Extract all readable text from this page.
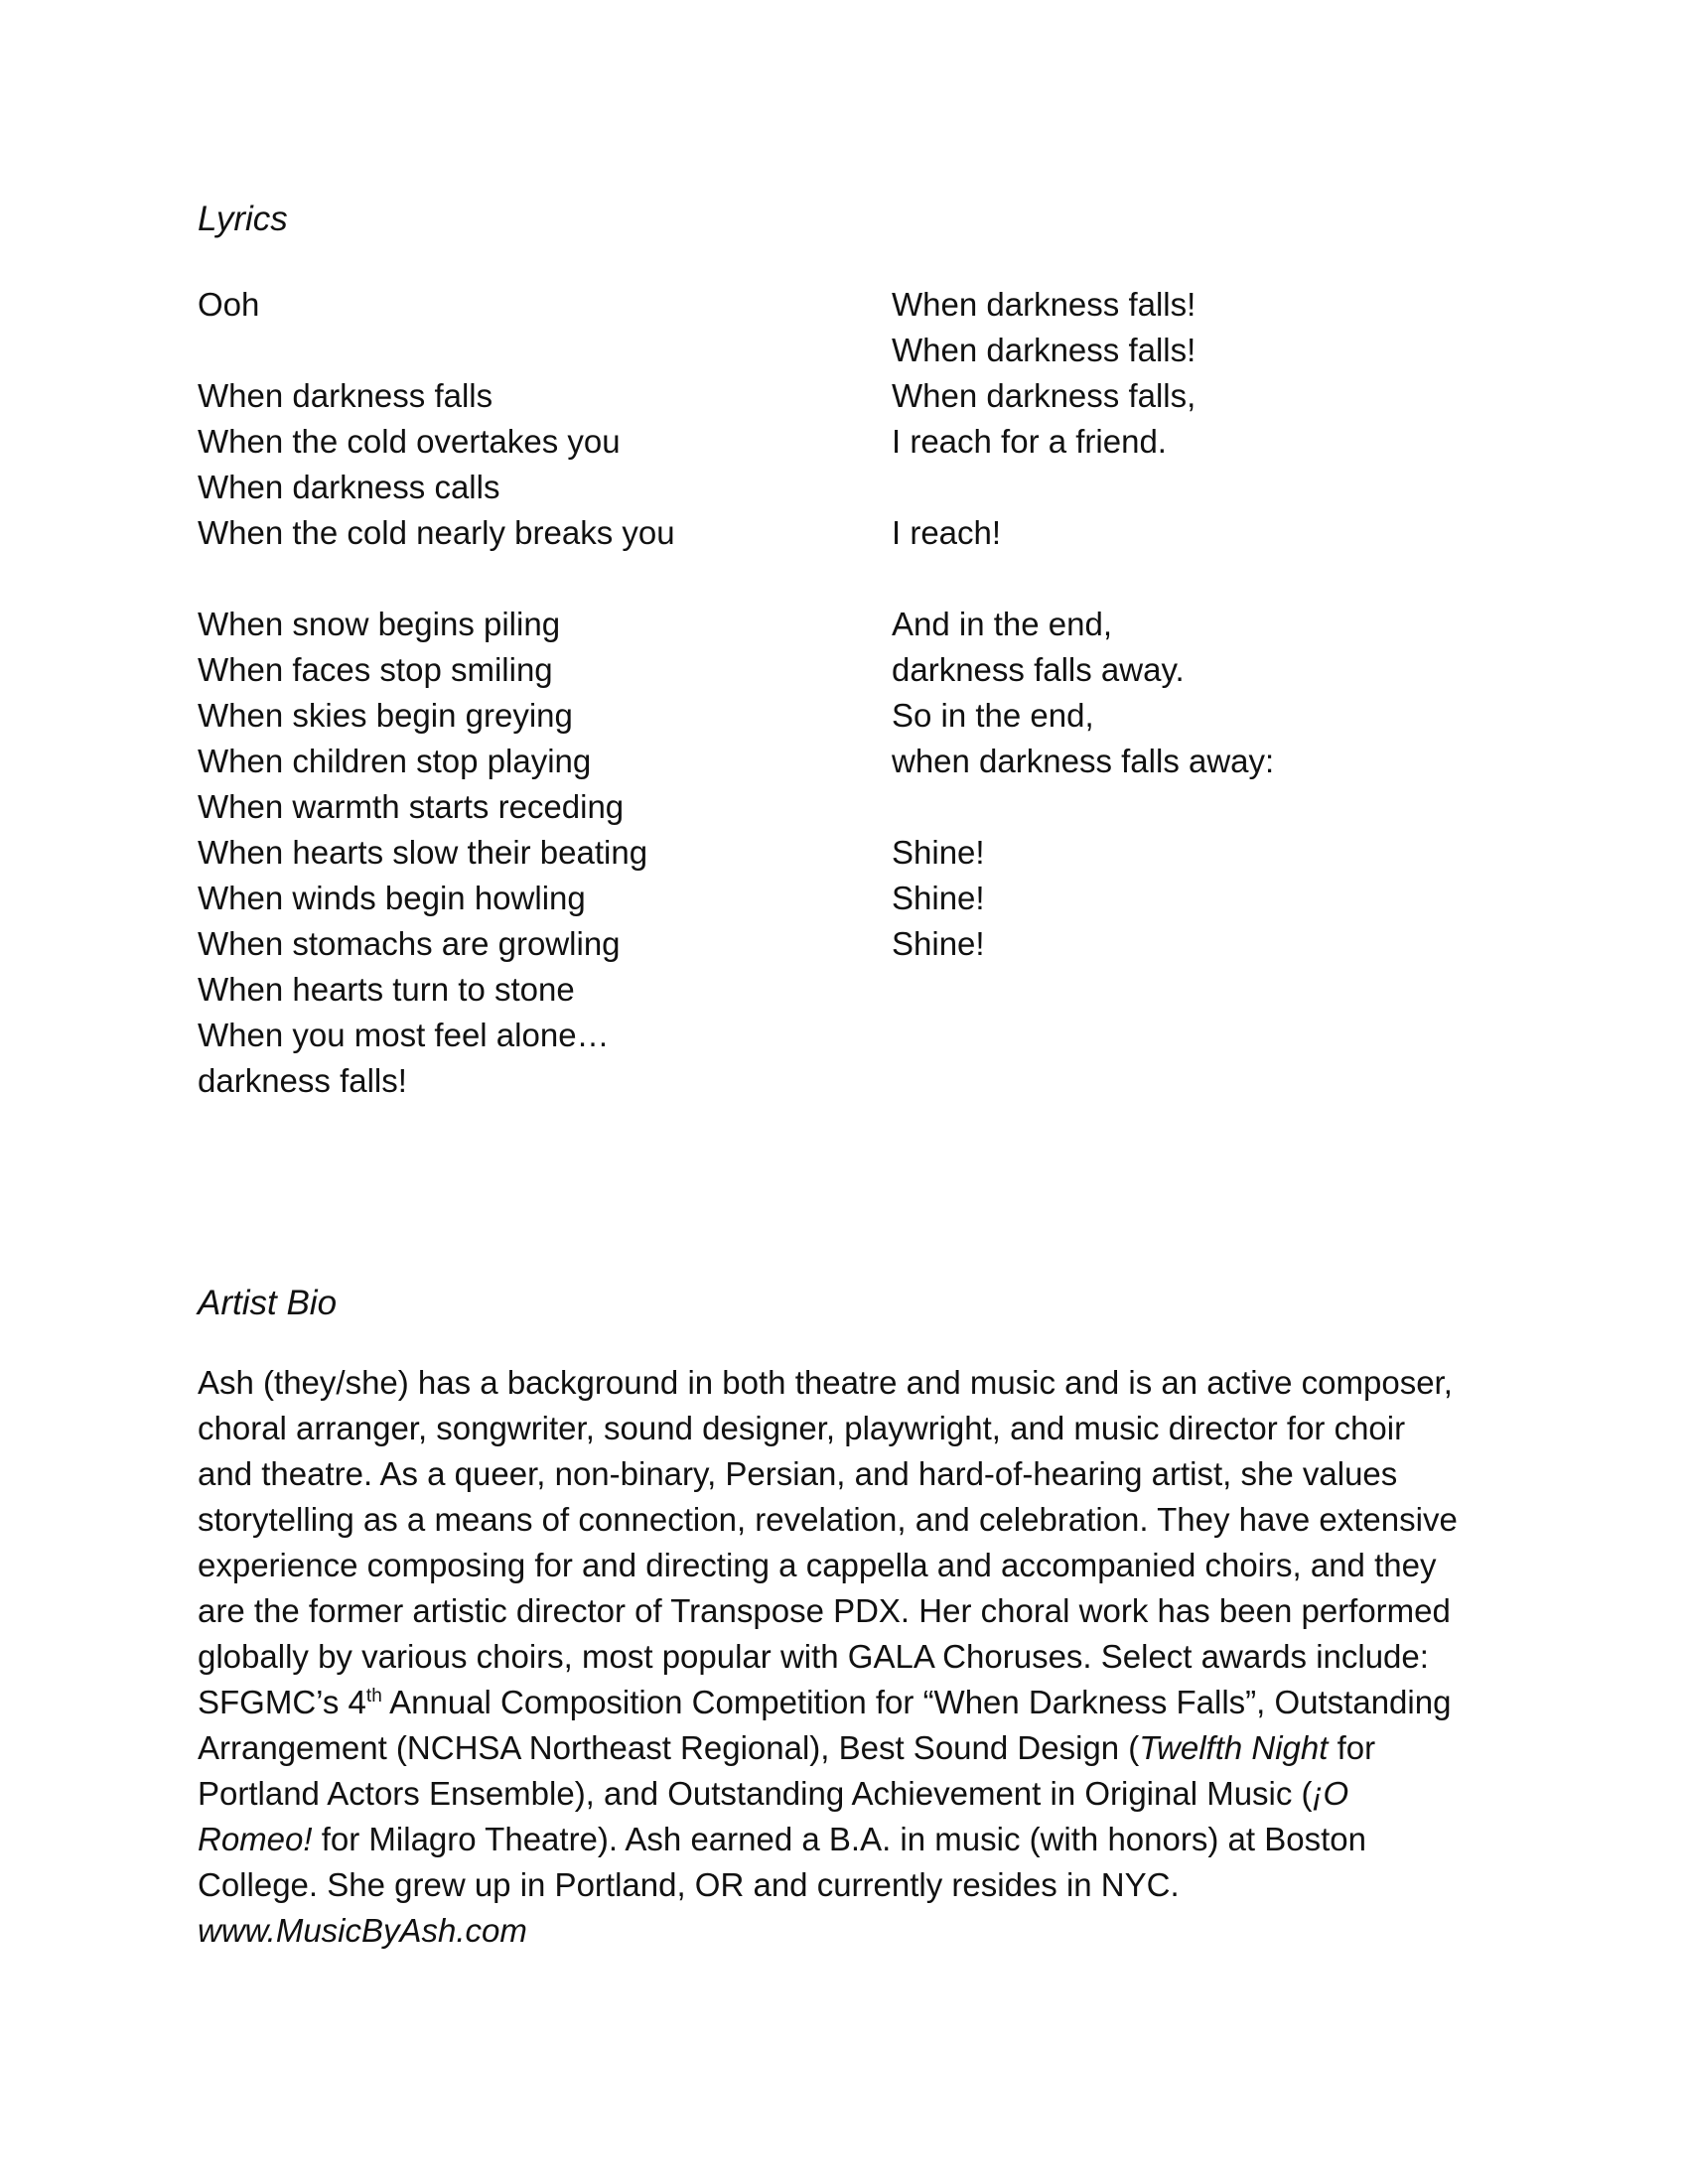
Lyrics
Ooh
When darkness falls
When the cold overtakes you
When darkness calls
When the cold nearly breaks you
When snow begins piling
When faces stop smiling
When skies begin greying
When children stop playing
When warmth starts receding
When hearts slow their beating
When winds begin howling
When stomachs are growling
When hearts turn to stone
When you most feel alone…
darkness falls!
When darkness falls!
When darkness falls!
When darkness falls,
I reach for a friend.
I reach!
And in the end,
darkness falls away.
So in the end,
when darkness falls away:
Shine!
Shine!
Shine!
Artist Bio
Ash (they/she) has a background in both theatre and music and is an active composer,
choral arranger, songwriter, sound designer, playwright, and music director for choir
and theatre. As a queer, non-binary, Persian, and hard-of-hearing artist, she values
storytelling as a means of connection, revelation, and celebration. They have extensive
experience composing for and directing a cappella and accompanied choirs, and they
are the former artistic director of Transpose PDX. Her choral work has been performed
globally by various choirs, most popular with GALA Choruses. Select awards include:
SFGMC’s 4th Annual Composition Competition for “When Darkness Falls”, Outstanding
Arrangement (NCHSA Northeast Regional), Best Sound Design (Twelfth Night for
Portland Actors Ensemble), and Outstanding Achievement in Original Music (¡O
Romeo! for Milagro Theatre). Ash earned a B.A. in music (with honors) at Boston
College. She grew up in Portland, OR and currently resides in NYC.
www.MusicByAsh.com
